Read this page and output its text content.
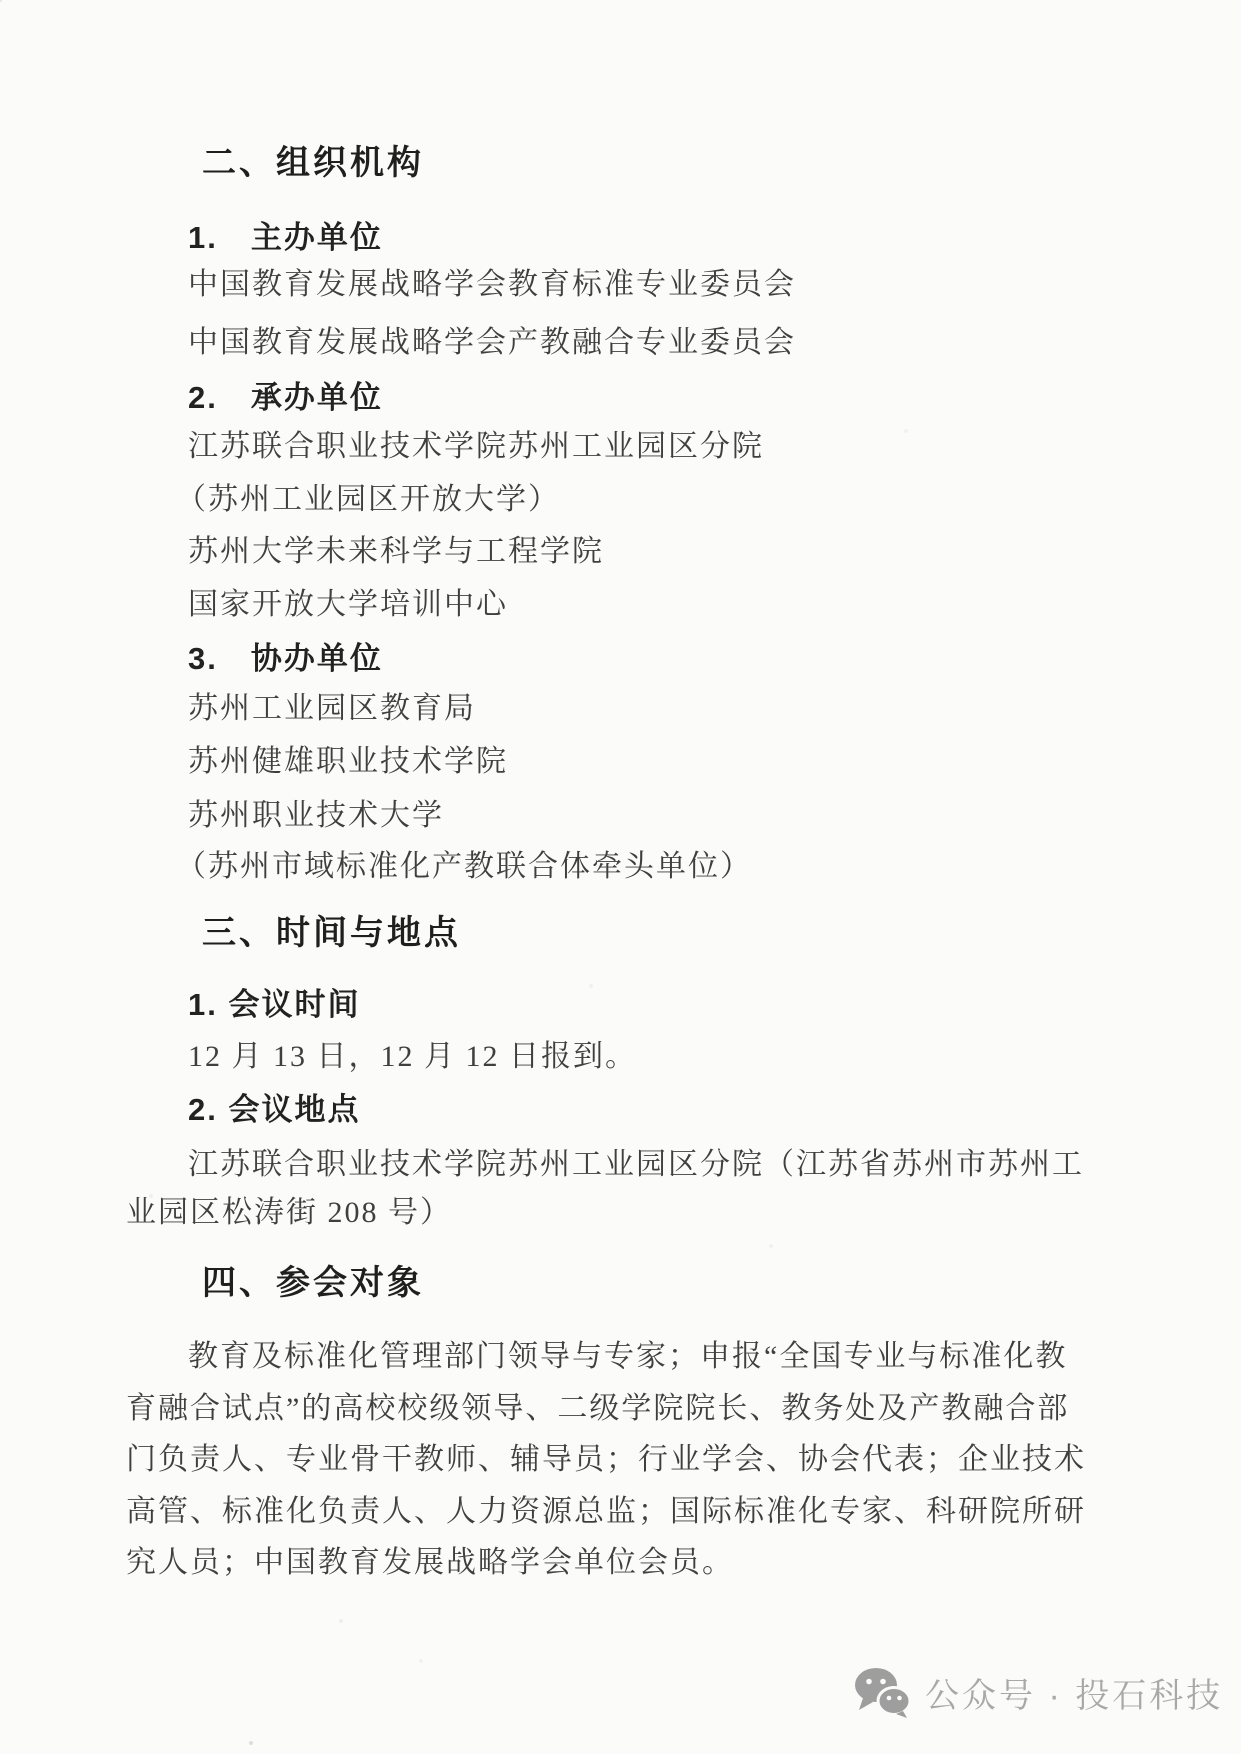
二、组织机构
1.　主办单位
中国教育发展战略学会教育标准专业委员会
中国教育发展战略学会产教融合专业委员会
2.　承办单位
江苏联合职业技术学院苏州工业园区分院
（苏州工业园区开放大学）
苏州大学未来科学与工程学院
国家开放大学培训中心
3.　协办单位
苏州工业园区教育局
苏州健雄职业技术学院
苏州职业技术大学
（苏州市域标准化产教联合体牵头单位）
三、时间与地点
1. 会议时间
12 月 13 日，12 月 12 日报到。
2. 会议地点
江苏联合职业技术学院苏州工业园区分院（江苏省苏州市苏州工
业园区松涛街 208 号）
四、参会对象
教育及标准化管理部门领导与专家；申报“全国专业与标准化教
育融合试点”的高校校级领导、二级学院院长、教务处及产教融合部
门负责人、专业骨干教师、辅导员；行业学会、协会代表；企业技术
高管、标准化负责人、人力资源总监；国际标准化专家、科研院所研
究人员；中国教育发展战略学会单位会员。
公众号 · 投石科技
